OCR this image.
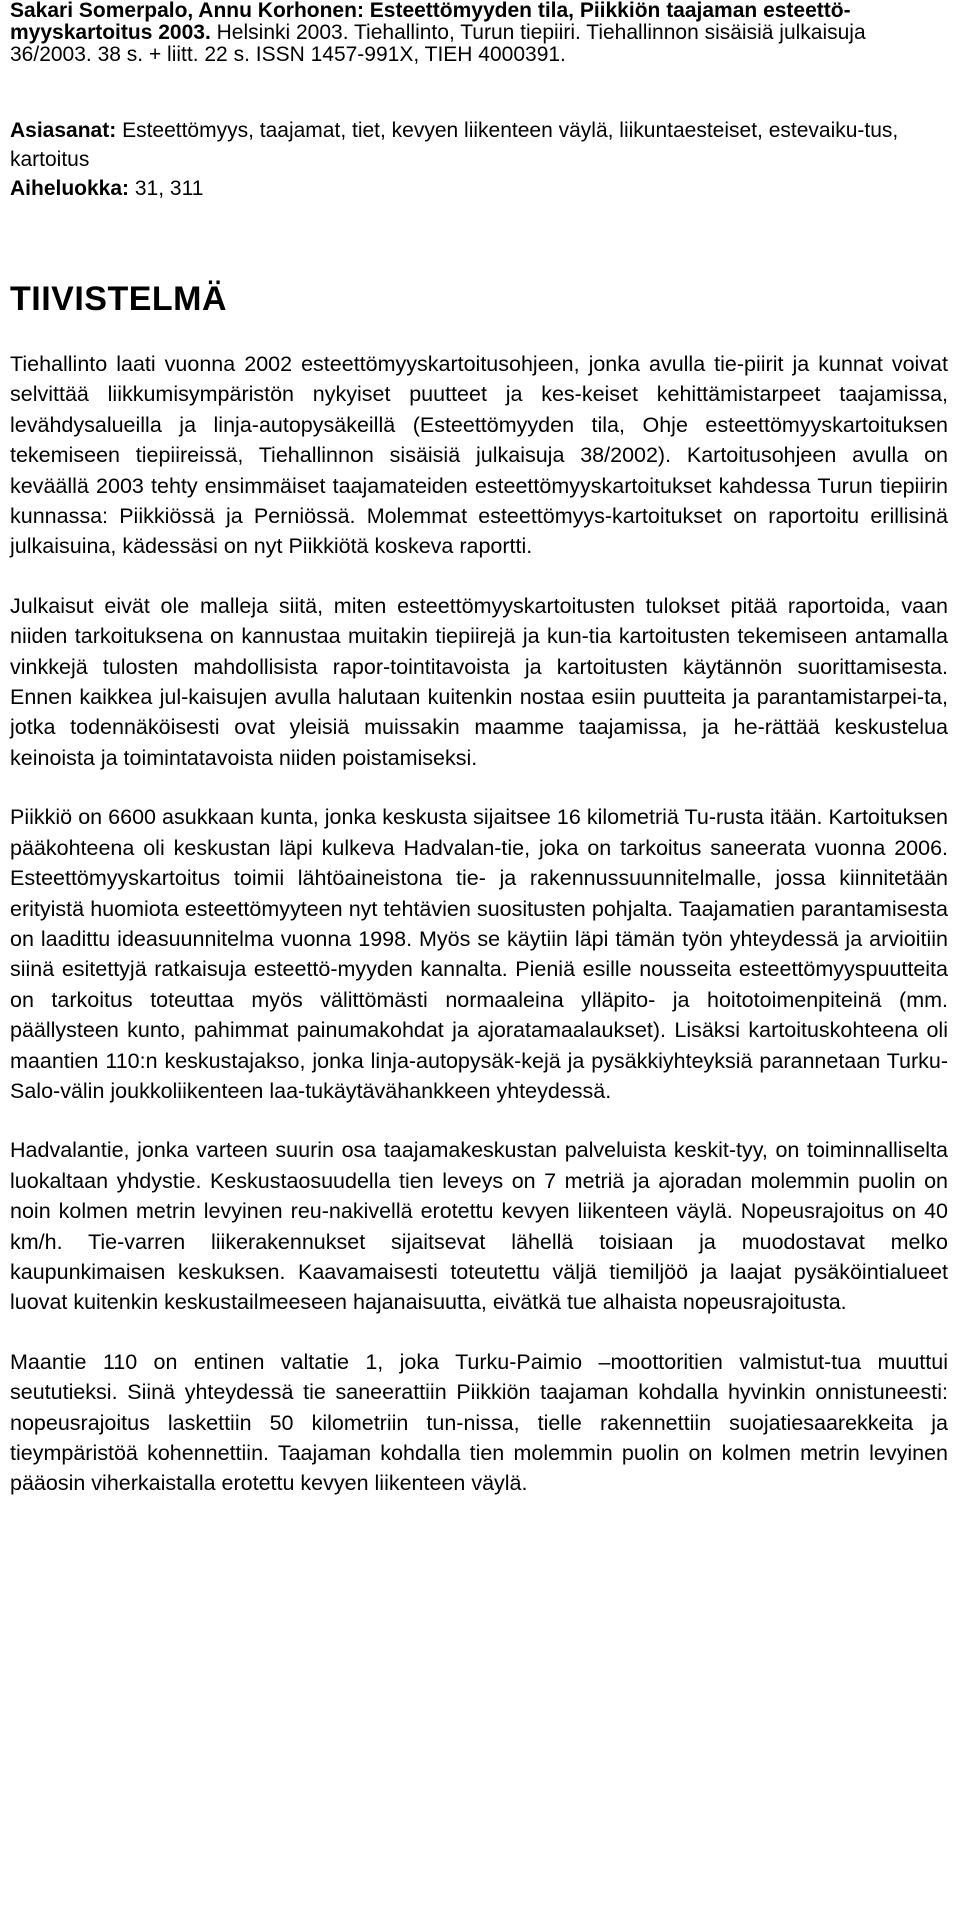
Sakari Somerpalo, Annu Korhonen: Esteettömyyden tila, Piikkiön taajaman esteettö-myyskartoitus 2003. Helsinki 2003. Tiehallinto, Turun tiepiiri. Tiehallinnon sisäisiä julkaisuja 36/2003. 38 s. + liitt. 22 s. ISSN 1457-991X, TIEH 4000391.

Asiasanat: Esteettömyys, taajamat, tiet, kevyen liikenteen väylä, liikuntaesteiset, estevaiku-tus, kartoitus

Aiheluokka: 31, 311

TIIVISTELMÄ

Tiehallinto laati vuonna 2002 esteettömyyskartoitusohjeen, jonka avulla tie-piirit ja kunnat voivat selvittää liikkumisympäristön nykyiset puutteet ja kes-keiset kehittämistarpeet taajamissa, levähdysalueilla ja linja-autopysäkeillä (Esteettömyyden tila, Ohje esteettömyyskartoituksen tekemiseen tiepiireissä, Tiehallinnon sisäisiä julkaisuja 38/2002). Kartoitusohjeen avulla on keväällä 2003 tehty ensimmäiset taajamateiden esteettömyyskartoitukset kahdessa Turun tiepiirin kunnassa: Piikkiössä ja Perniössä. Molemmat esteettömyys-kartoitukset on raportoitu erillisinä julkaisuina, kädessäsi on nyt Piikkiötä koskeva raportti.

Julkaisut eivät ole malleja siitä, miten esteettömyyskartoitusten tulokset pitää raportoida, vaan niiden tarkoituksena on kannustaa muitakin tiepiirejä ja kun-tia kartoitusten tekemiseen antamalla vinkkejä tulosten mahdollisista rapor-tointitavoista ja kartoitusten käytännön suorittamisesta. Ennen kaikkea jul-kaisujen avulla halutaan kuitenkin nostaa esiin puutteita ja parantamistarpei-ta, jotka todennäköisesti ovat yleisiä muissakin maamme taajamissa, ja he-rättää keskustelua keinoista ja toimintatavoista niiden poistamiseksi.

Piikkiö on 6600 asukkaan kunta, jonka keskusta sijaitsee 16 kilometriä Tu-rusta itään. Kartoituksen pääkohteena oli keskustan läpi kulkeva Hadvalan-tie, joka on tarkoitus saneerata vuonna 2006. Esteettömyyskartoitus toimii lähtöaineistona tie- ja rakennussuunnitelmalle, jossa kiinnitetään erityistä huomiota esteettömyyteen nyt tehtävien suositusten pohjalta. Taajamatien parantamisesta on laadittu ideasuunnitelma vuonna 1998. Myös se käytiin läpi tämän työn yhteydessä ja arvioitiin siinä esitettyjä ratkaisuja esteettö-myyden kannalta. Pieniä esille nousseita esteettömyyspuutteita on tarkoitus toteuttaa myös välittömästi normaaleina ylläpito- ja hoitotoimenpiteinä (mm. päällysteen kunto, pahimmat painumakohdat ja ajoratamaalaukset). Lisäksi kartoituskohteena oli maantien 110:n keskustajakso, jonka linja-autopysäk-kejä ja pysäkkiyhteyksiä parannetaan Turku-Salo-välin joukkoliikenteen laa-tukäytävähankkeen yhteydessä.

Hadvalantie, jonka varteen suurin osa taajamakeskustan palveluista keskit-tyy, on toiminnalliselta luokaltaan yhdystie. Keskustaosuudella tien leveys on 7 metriä ja ajoradan molemmin puolin on noin kolmen metrin levyinen reu-nakivellä erotettu kevyen liikenteen väylä. Nopeusrajoitus on 40 km/h. Tie-varren liikerakennukset sijaitsevat lähellä toisiaan ja muodostavat melko kaupunkimaisen keskuksen. Kaavamaisesti toteutettu väljä tiemiljöö ja laajat pysäköintialueet luovat kuitenkin keskustailmeeseen hajanaisuutta, eivätkä tue alhaista nopeusrajoitusta.

Maantie 110 on entinen valtatie 1, joka Turku-Paimio –moottoritien valmistut-tua muuttui seututieksi. Siinä yhteydessä tie saneerattiin Piikkiön taajaman kohdalla hyvinkin onnistuneesti: nopeusrajoitus laskettiin 50 kilometriin tun-nissa, tielle rakennettiin suojatiesaarekkeita ja tieympäristöä kohennettiin. Taajaman kohdalla tien molemmin puolin on kolmen metrin levyinen pääosin viherkaistalla erotettu kevyen liikenteen väylä.
